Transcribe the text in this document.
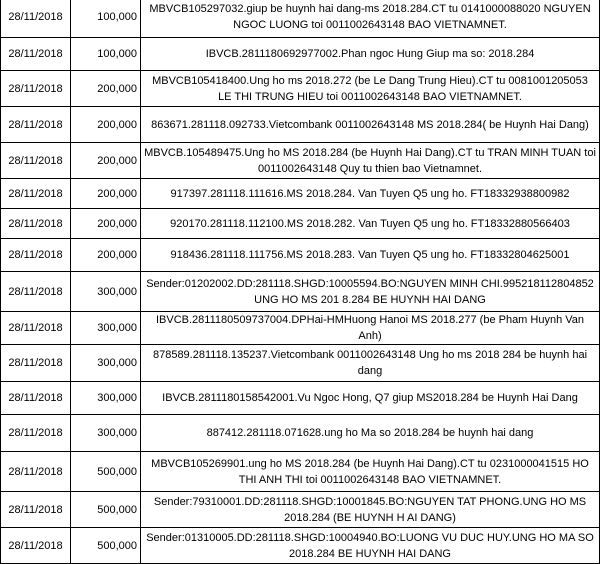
28/11/2018	100,000	MBVCB105297032.giup be huynh hai dang-ms 2018.284.CT tu 0141000088020 NGUYEN NGOC LUONG toi 0011002643148 BAO VIETNAMNET.
28/11/2018	100,000	IBVCB.2811180692977002.Phan ngoc Hung Giup ma so: 2018.284
28/11/2018	200,000	MBVCB105418400.Ung ho ms 2018.272 (be Le Dang Trung Hieu).CT tu 0081001205053 LE THI TRUNG HIEU toi 0011002643148 BAO VIETNAMNET.
28/11/2018	200,000	863671.281118.092733.Vietcombank 0011002643148 MS 2018.284( be Huynh Hai Dang)
28/11/2018	200,000	MBVCB.105489475.Ung ho MS 2018.284 (be Huynh Hai Dang).CT tu TRAN MINH TUAN toi 0011002643148 Quy tu thien bao Vietnamnet.
28/11/2018	200,000	917397.281118.111616.MS 2018.284. Van Tuyen Q5 ung ho. FT18332938800982
28/11/2018	200,000	920170.281118.112100.MS 2018.282. Van Tuyen Q5 ung ho. FT18332880566403
28/11/2018	200,000	918436.281118.111756.MS 2018.283. Van Tuyen Q5 ung ho. FT18332804625001
28/11/2018	300,000	Sender:01202002.DD:281118.SHGD:10005594.BO:NGUYEN MINH CHI.995218112804852 UNG HO MS 201 8.284 BE HUYNH HAI DANG
28/11/2018	300,000	IBVCB.2811180509737004.DPHai-HMHuong Hanoi MS 2018.277 (be Pham Huynh Van Anh)
28/11/2018	300,000	878589.281118.135237.Vietcombank 0011002643148 Ung ho ms 2018 284 be huynh hai dang
28/11/2018	300,000	IBVCB.2811180158542001.Vu Ngoc Hong, Q7 giup MS2018.284 be Huynh Hai Dang
28/11/2018	300,000	887412.281118.071628.ung ho Ma so 2018.284 be huynh hai dang
28/11/2018	500,000	MBVCB105269901.ung ho MS 2018.284 (be Huynh Hai Dang).CT tu 0231000041515 HO THI ANH THI toi 0011002643148 BAO VIETNAMNET.
28/11/2018	500,000	Sender:79310001.DD:281118.SHGD:10001845.BO:NGUYEN TAT PHONG.UNG HO MS 2018.284 (BE HUYNH H AI DANG)
28/11/2018	500,000	Sender:01310005.DD:281118.SHGD:10004940.BO:LUONG VU DUC HUY.UNG HO MA SO 2018.284 BE HUYNH HAI DANG
